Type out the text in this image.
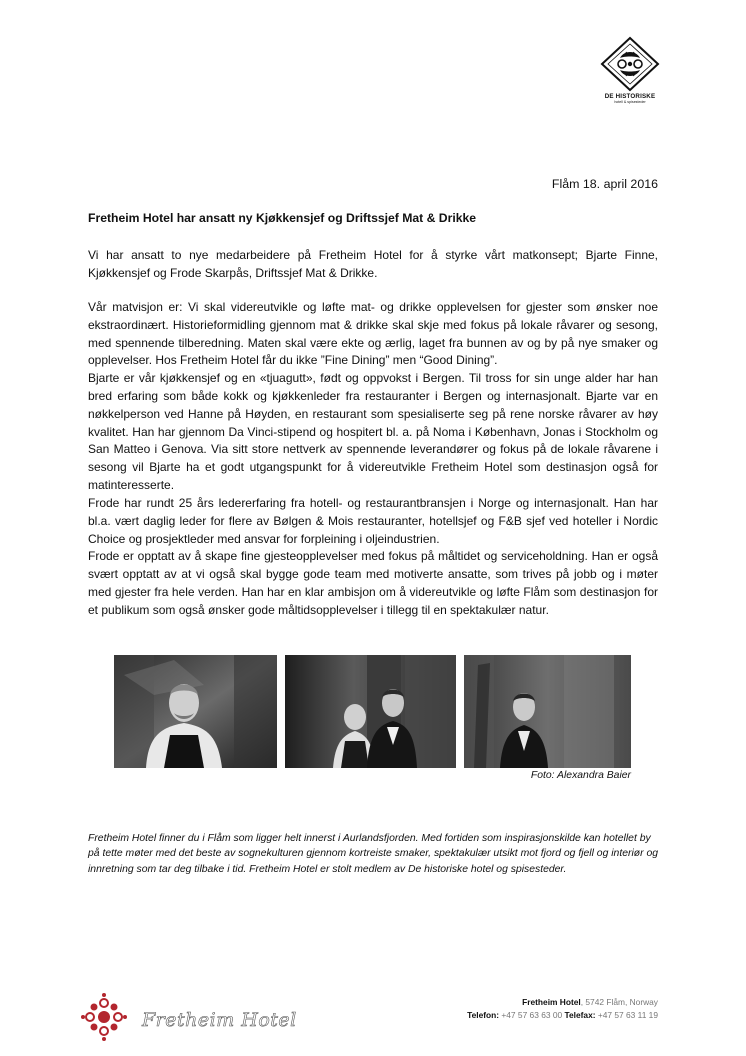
DE HISTORISKE
hotell & spisesteder
Flåm 18. april 2016
Fretheim Hotel har ansatt ny Kjøkkensjef og Driftssjef Mat & Drikke
Vi har ansatt to nye medarbeidere på Fretheim Hotel for å styrke vårt matkonsept; Bjarte Finne, Kjøkkensjef og Frode Skarpås, Driftssjef Mat & Drikke.
Vår matvisjon er: Vi skal videreutvikle og løfte mat- og drikke opplevelsen for gjester som ønsker noe ekstraordinært. Historieformidling gjennom mat & drikke skal skje med fokus på lokale råvarer og sesong, med spennende tilberedning. Maten skal være ekte og ærlig, laget fra bunnen av og by på nye smaker og opplevelser. Hos Fretheim Hotel får du ikke ”Fine Dining” men “Good Dining”.
Bjarte er vår kjøkkensjef og en «tjuagutt», født og oppvokst i Bergen. Til tross for sin unge alder har han bred erfaring som både kokk og kjøkkenleder fra restauranter i Bergen og internasjonalt. Bjarte var en nøkkelperson ved Hanne på Høyden, en restaurant som spesialiserte seg på rene norske råvarer av høy kvalitet. Han har gjennom Da Vinci-stipend og hospitert bl. a. på Noma i København, Jonas i Stockholm og San Matteo i Genova. Via sitt store nettverk av spennende leverandører og fokus på de lokale råvarene i sesong vil Bjarte ha et godt utgangspunkt for å videreutvikle Fretheim Hotel som destinasjon også for matinteresserte.
Frode har rundt 25 års ledererfaring fra hotell- og restaurantbransjen i Norge og internasjonalt. Han har bl.a. vært daglig leder for flere av Bølgen & Mois restauranter, hotellsjef og F&B sjef ved hoteller i Nordic Choice og prosjektleder med ansvar for forpleining i oljeindustrien.
Frode er opptatt av å skape fine gjesteopplevelser med fokus på måltidet og serviceholdning. Han er også svært opptatt av at vi også skal bygge gode team med motiverte ansatte, som trives på jobb og i møter med gjester fra hele verden. Han har en klar ambisjon om å videreutvikle og løfte Flåm som destinasjon for et publikum som også ønsker gode måltidsopplevelser i tillegg til en spektakulær natur.
Foto: Alexandra Baier
Fretheim Hotel finner du i Flåm som ligger helt innerst i Aurlandsfjorden. Med fortiden som inspirasjonskilde kan hotellet by på tette møter med det beste av sognekulturen gjennom kortreiste smaker, spektakulær utsikt mot fjord og fjell og interiør og innretning som tar deg tilbake i tid. Fretheim Hotel er stolt medlem av De historiske hotel og spisesteder.
Fretheim Hotel
Fretheim Hotel, 5742 Flåm, Norway
Telefon: +47 57 63 63 00 Telefax: +47 57 63 11 19
